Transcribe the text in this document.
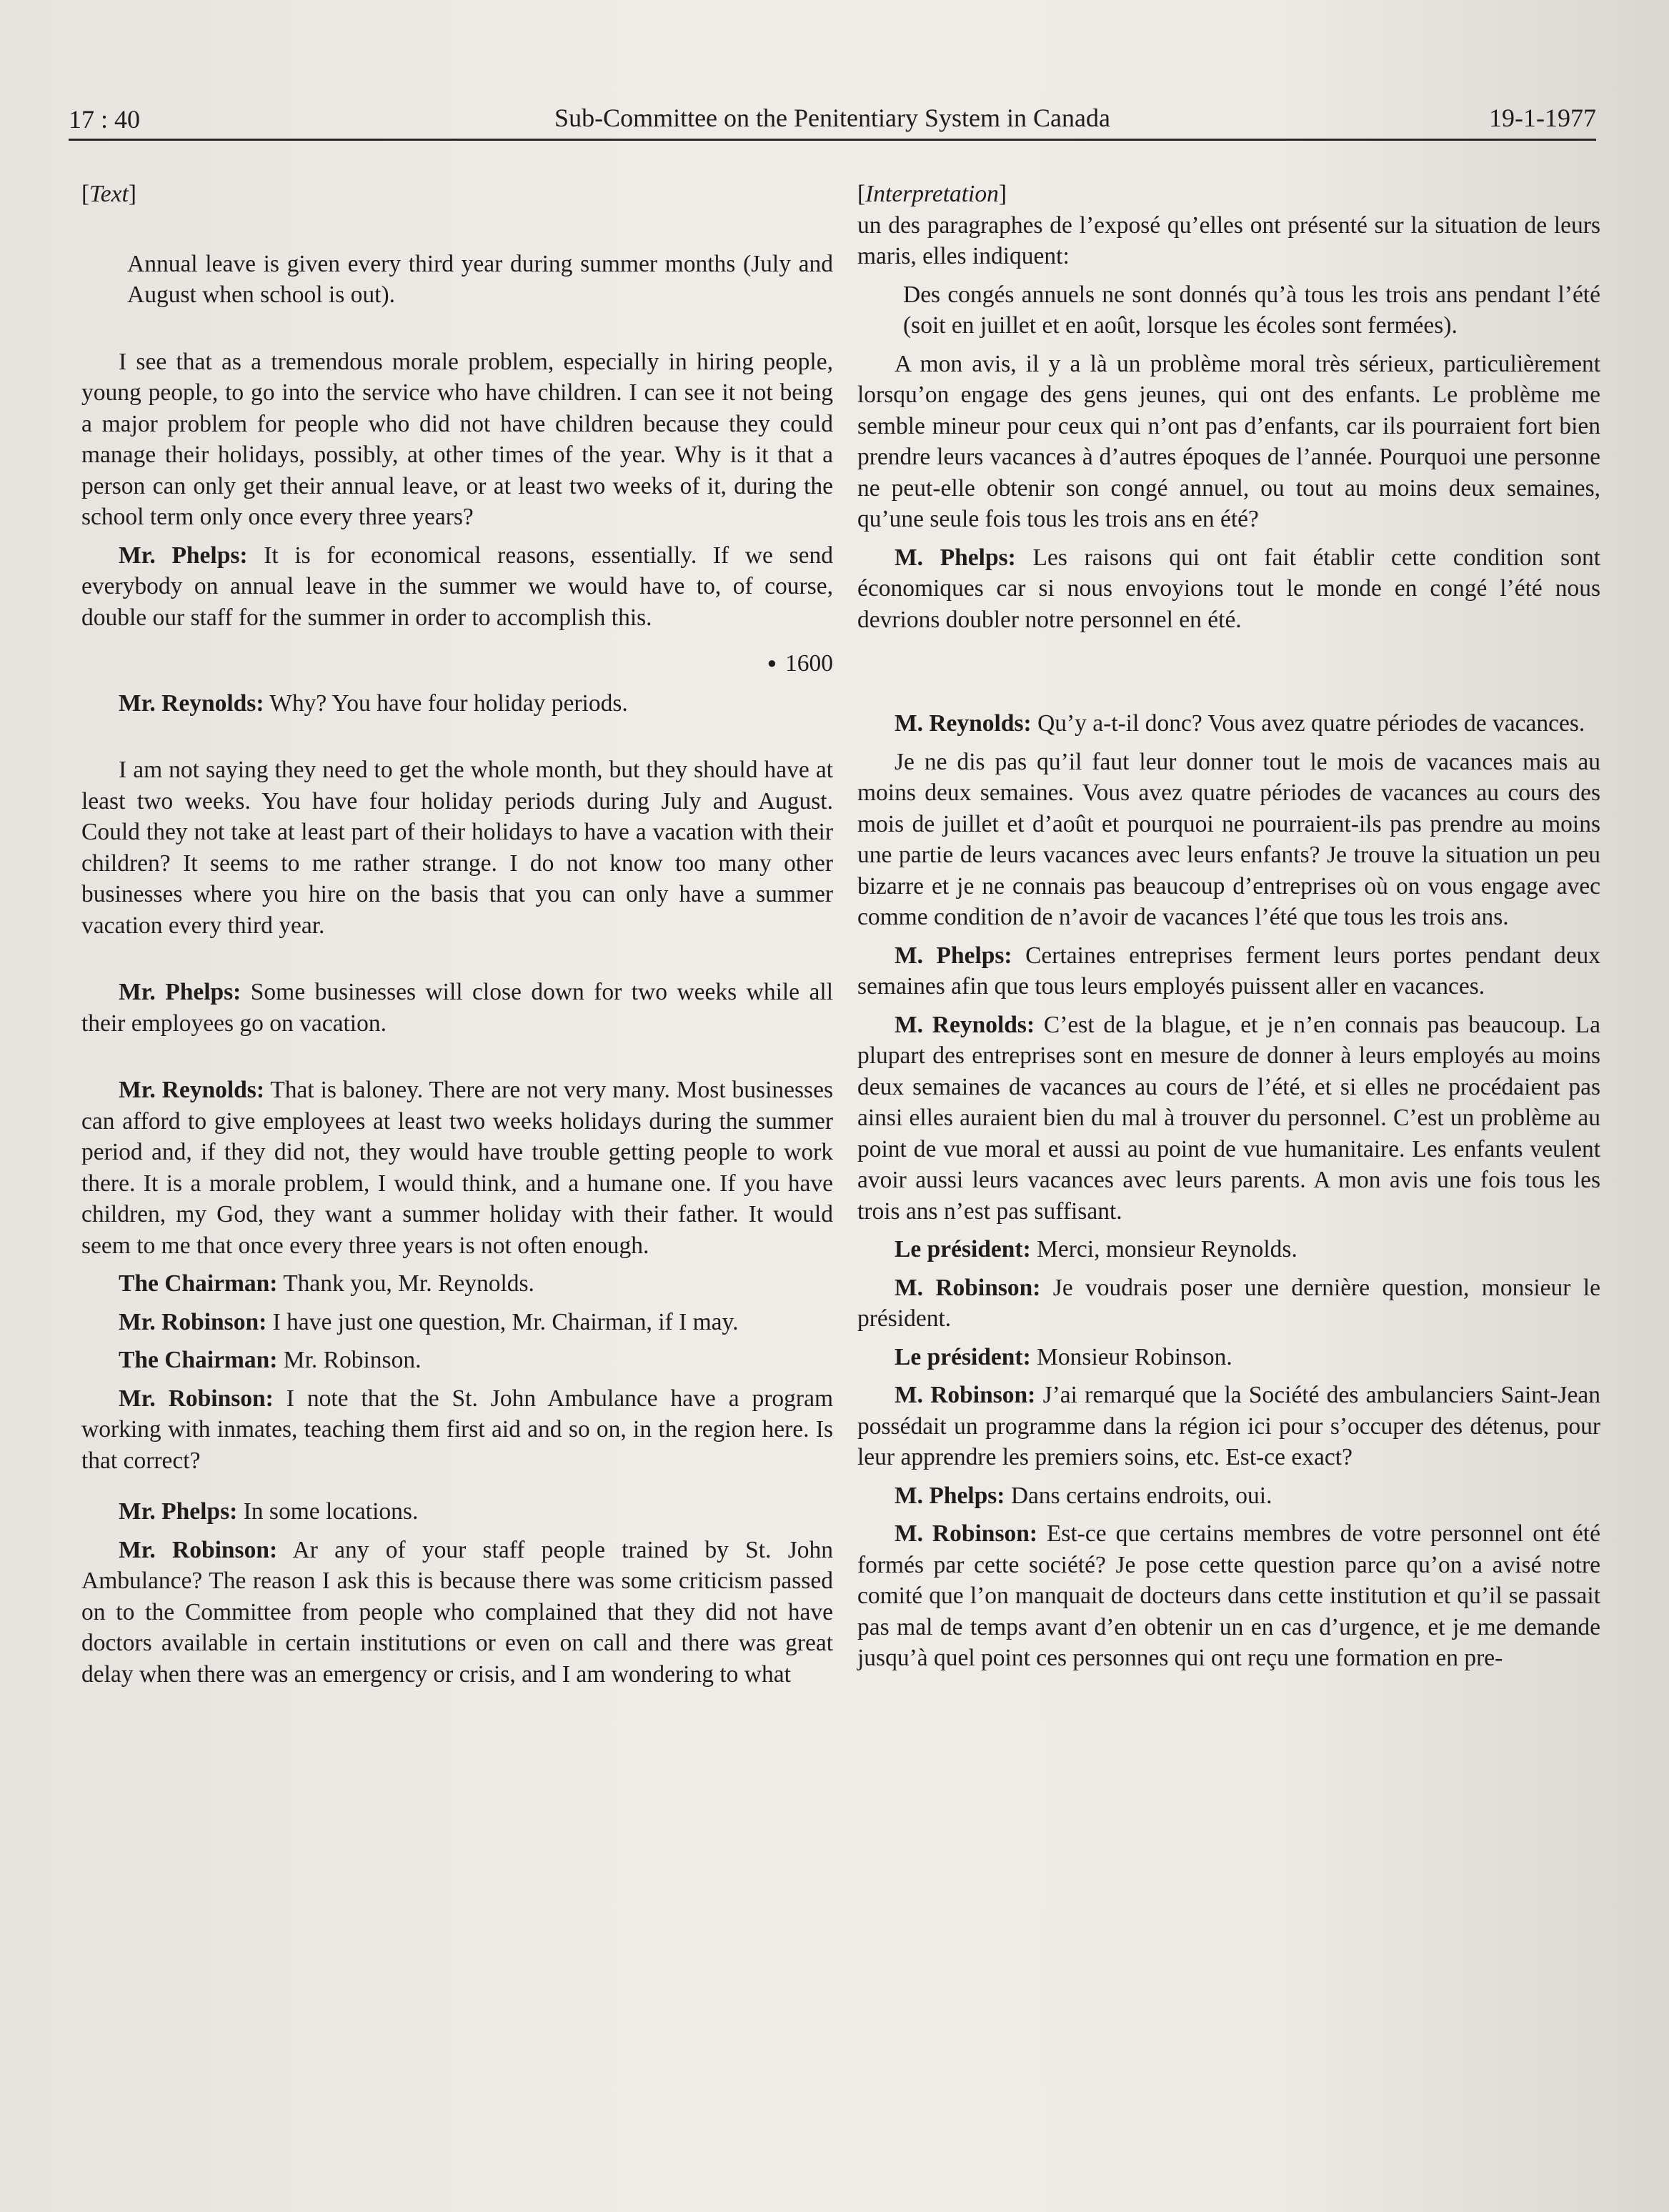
17 : 40	Sub-Committee on the Penitentiary System in Canada	19-1-1977
[Text]

Annual leave is given every third year during summer months (July and August when school is out).

I see that as a tremendous morale problem, especially in hiring people, young people, to go into the service who have children. I can see it not being a major problem for people who did not have children because they could manage their holidays, possibly, at other times of the year. Why is it that a person can only get their annual leave, or at least two weeks of it, during the school term only once every three years?

Mr. Phelps: It is for economical reasons, essentially. If we send everybody on annual leave in the summer we would have to, of course, double our staff for the summer in order to accomplish this.

● 1600

Mr. Reynolds: Why? You have four holiday periods.

I am not saying they need to get the whole month, but they should have at least two weeks. You have four holiday periods during July and August. Could they not take at least part of their holidays to have a vacation with their children? It seems to me rather strange. I do not know too many other businesses where you hire on the basis that you can only have a summer vacation every third year.

Mr. Phelps: Some businesses will close down for two weeks while all their employees go on vacation.

Mr. Reynolds: That is baloney. There are not very many. Most businesses can afford to give employees at least two weeks holidays during the summer period and, if they did not, they would have trouble getting people to work there. It is a morale problem, I would think, and a humane one. If you have children, my God, they want a summer holiday with their father. It would seem to me that once every three years is not often enough.

The Chairman: Thank you, Mr. Reynolds.

Mr. Robinson: I have just one question, Mr. Chairman, if I may.

The Chairman: Mr. Robinson.

Mr. Robinson: I note that the St. John Ambulance have a program working with inmates, teaching them first aid and so on, in the region here. Is that correct?

Mr. Phelps: In some locations.

Mr. Robinson: Ar any of your staff people trained by St. John Ambulance? The reason I ask this is because there was some criticism passed on to the Committee from people who complained that they did not have doctors available in certain institutions or even on call and there was great delay when there was an emergency or crisis, and I am wondering to what

[Interpretation]

un des paragraphes de l’exposé qu’elles ont présenté sur la situation de leurs maris, elles indiquent:

Des congés annuels ne sont donnés qu’à tous les trois ans pendant l’été (soit en juillet et en août, lorsque les écoles sont fermées).

A mon avis, il y a là un problème moral très sérieux, particulièrement lorsqu’on engage des gens jeunes, qui ont des enfants. Le problème me semble mineur pour ceux qui n’ont pas d’enfants, car ils pourraient fort bien prendre leurs vacances à d’autres époques de l’année. Pourquoi une personne ne peut-elle obtenir son congé annuel, ou tout au moins deux semaines, qu’une seule fois tous les trois ans en été?

M. Phelps: Les raisons qui ont fait établir cette condition sont économiques car si nous envoyions tout le monde en congé l’été nous devrions doubler notre personnel en été.

M. Reynolds: Qu’y a-t-il donc? Vous avez quatre périodes de vacances.

Je ne dis pas qu’il faut leur donner tout le mois de vacances mais au moins deux semaines. Vous avez quatre périodes de vacances au cours des mois de juillet et d’août et pourquoi ne pourraient-ils pas prendre au moins une partie de leurs vacances avec leurs enfants? Je trouve la situation un peu bizarre et je ne connais pas beaucoup d’entreprises où on vous engage avec comme condition de n’avoir de vacances l’été que tous les trois ans.

M. Phelps: Certaines entreprises ferment leurs portes pendant deux semaines afin que tous leurs employés puissent aller en vacances.

M. Reynolds: C’est de la blague, et je n’en connais pas beaucoup. La plupart des entreprises sont en mesure de donner à leurs employés au moins deux semaines de vacances au cours de l’été, et si elles ne procédaient pas ainsi elles auraient bien du mal à trouver du personnel. C’est un problème au point de vue moral et aussi au point de vue humanitaire. Les enfants veulent avoir aussi leurs vacances avec leurs parents. A mon avis une fois tous les trois ans n’est pas suffisant.

Le président: Merci, monsieur Reynolds.

M. Robinson: Je voudrais poser une dernière question, monsieur le président.

Le président: Monsieur Robinson.

M. Robinson: J’ai remarqué que la Société des ambulanciers Saint-Jean possédait un programme dans la région ici pour s’occuper des détenus, pour leur apprendre les premiers soins, etc. Est-ce exact?

M. Phelps: Dans certains endroits, oui.

M. Robinson: Est-ce que certains membres de votre personnel ont été formés par cette société? Je pose cette question parce qu’on a avisé notre comité que l’on manquait de docteurs dans cette institution et qu’il se passait pas mal de temps avant d’en obtenir un en cas d’urgence, et je me demande jusqu’à quel point ces personnes qui ont reçu une formation en pre-
